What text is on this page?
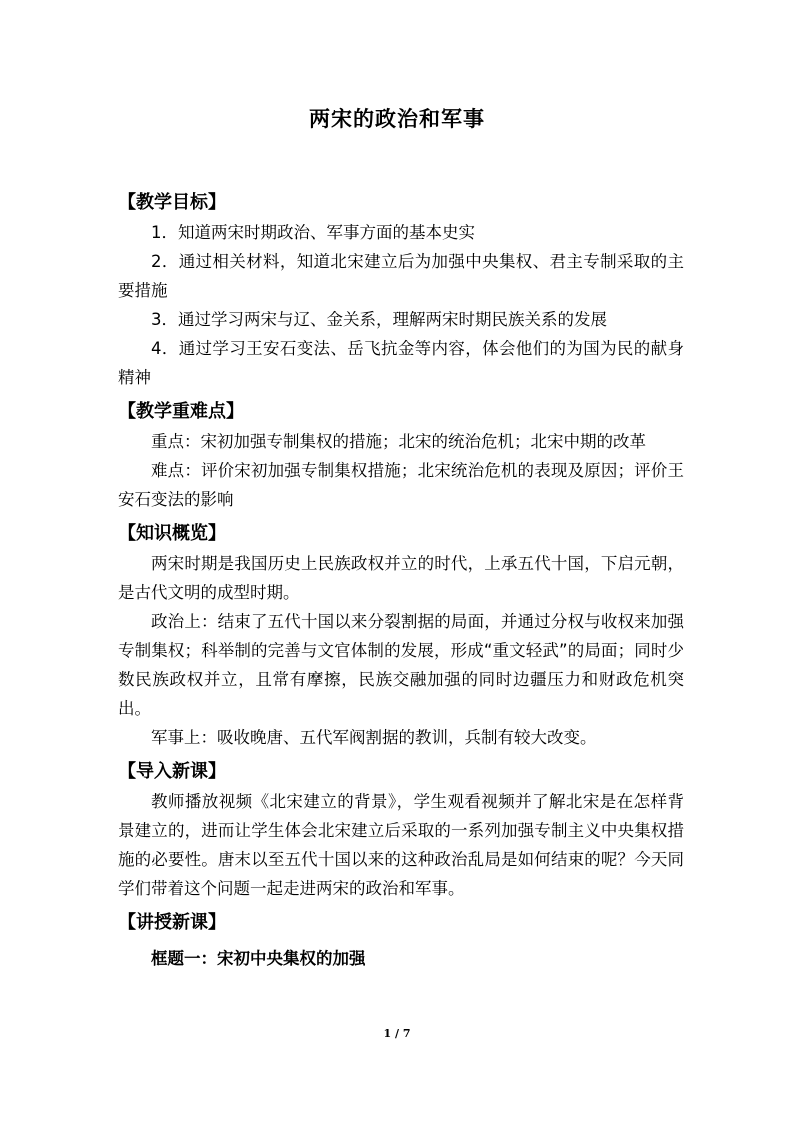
两宋的政治和军事
【教学目标】

1．知道两宋时期政治、军事方面的基本史实

2．通过相关材料，知道北宋建立后为加强中央集权、君主专制采取的主要措施

3．通过学习两宋与辽、金关系，理解两宋时期民族关系的发展

4．通过学习王安石变法、岳飞抗金等内容，体会他们的为国为民的献身精神

【教学重难点】

重点：宋初加强专制集权的措施；北宋的统治危机；北宋中期的改革

难点：评价宋初加强专制集权措施；北宋统治危机的表现及原因；评价王安石变法的影响

【知识概览】

两宋时期是我国历史上民族政权并立的时代，上承五代十国，下启元朝，是古代文明的成型时期。

政治上：结束了五代十国以来分裂割据的局面，并通过分权与收权来加强专制集权；科举制的完善与文官体制的发展，形成“重文轻武”的局面；同时少数民族政权并立，且常有摩擦，民族交融加强的同时边疆压力和财政危机突出。

军事上：吸收晚唐、五代军阀割据的教训，兵制有较大改变。

【导入新课】

教师播放视频《北宋建立的背景》，学生观看视频并了解北宋是在怎样背景建立的，进而让学生体会北宋建立后采取的一系列加强专制主义中央集权措施的必要性。唐末以至五代十国以来的这种政治乱局是如何结束的呢？今天同学们带着这个问题一起走进两宋的政治和军事。

【讲授新课】

框题一：宋初中央集权的加强

1 / 7
